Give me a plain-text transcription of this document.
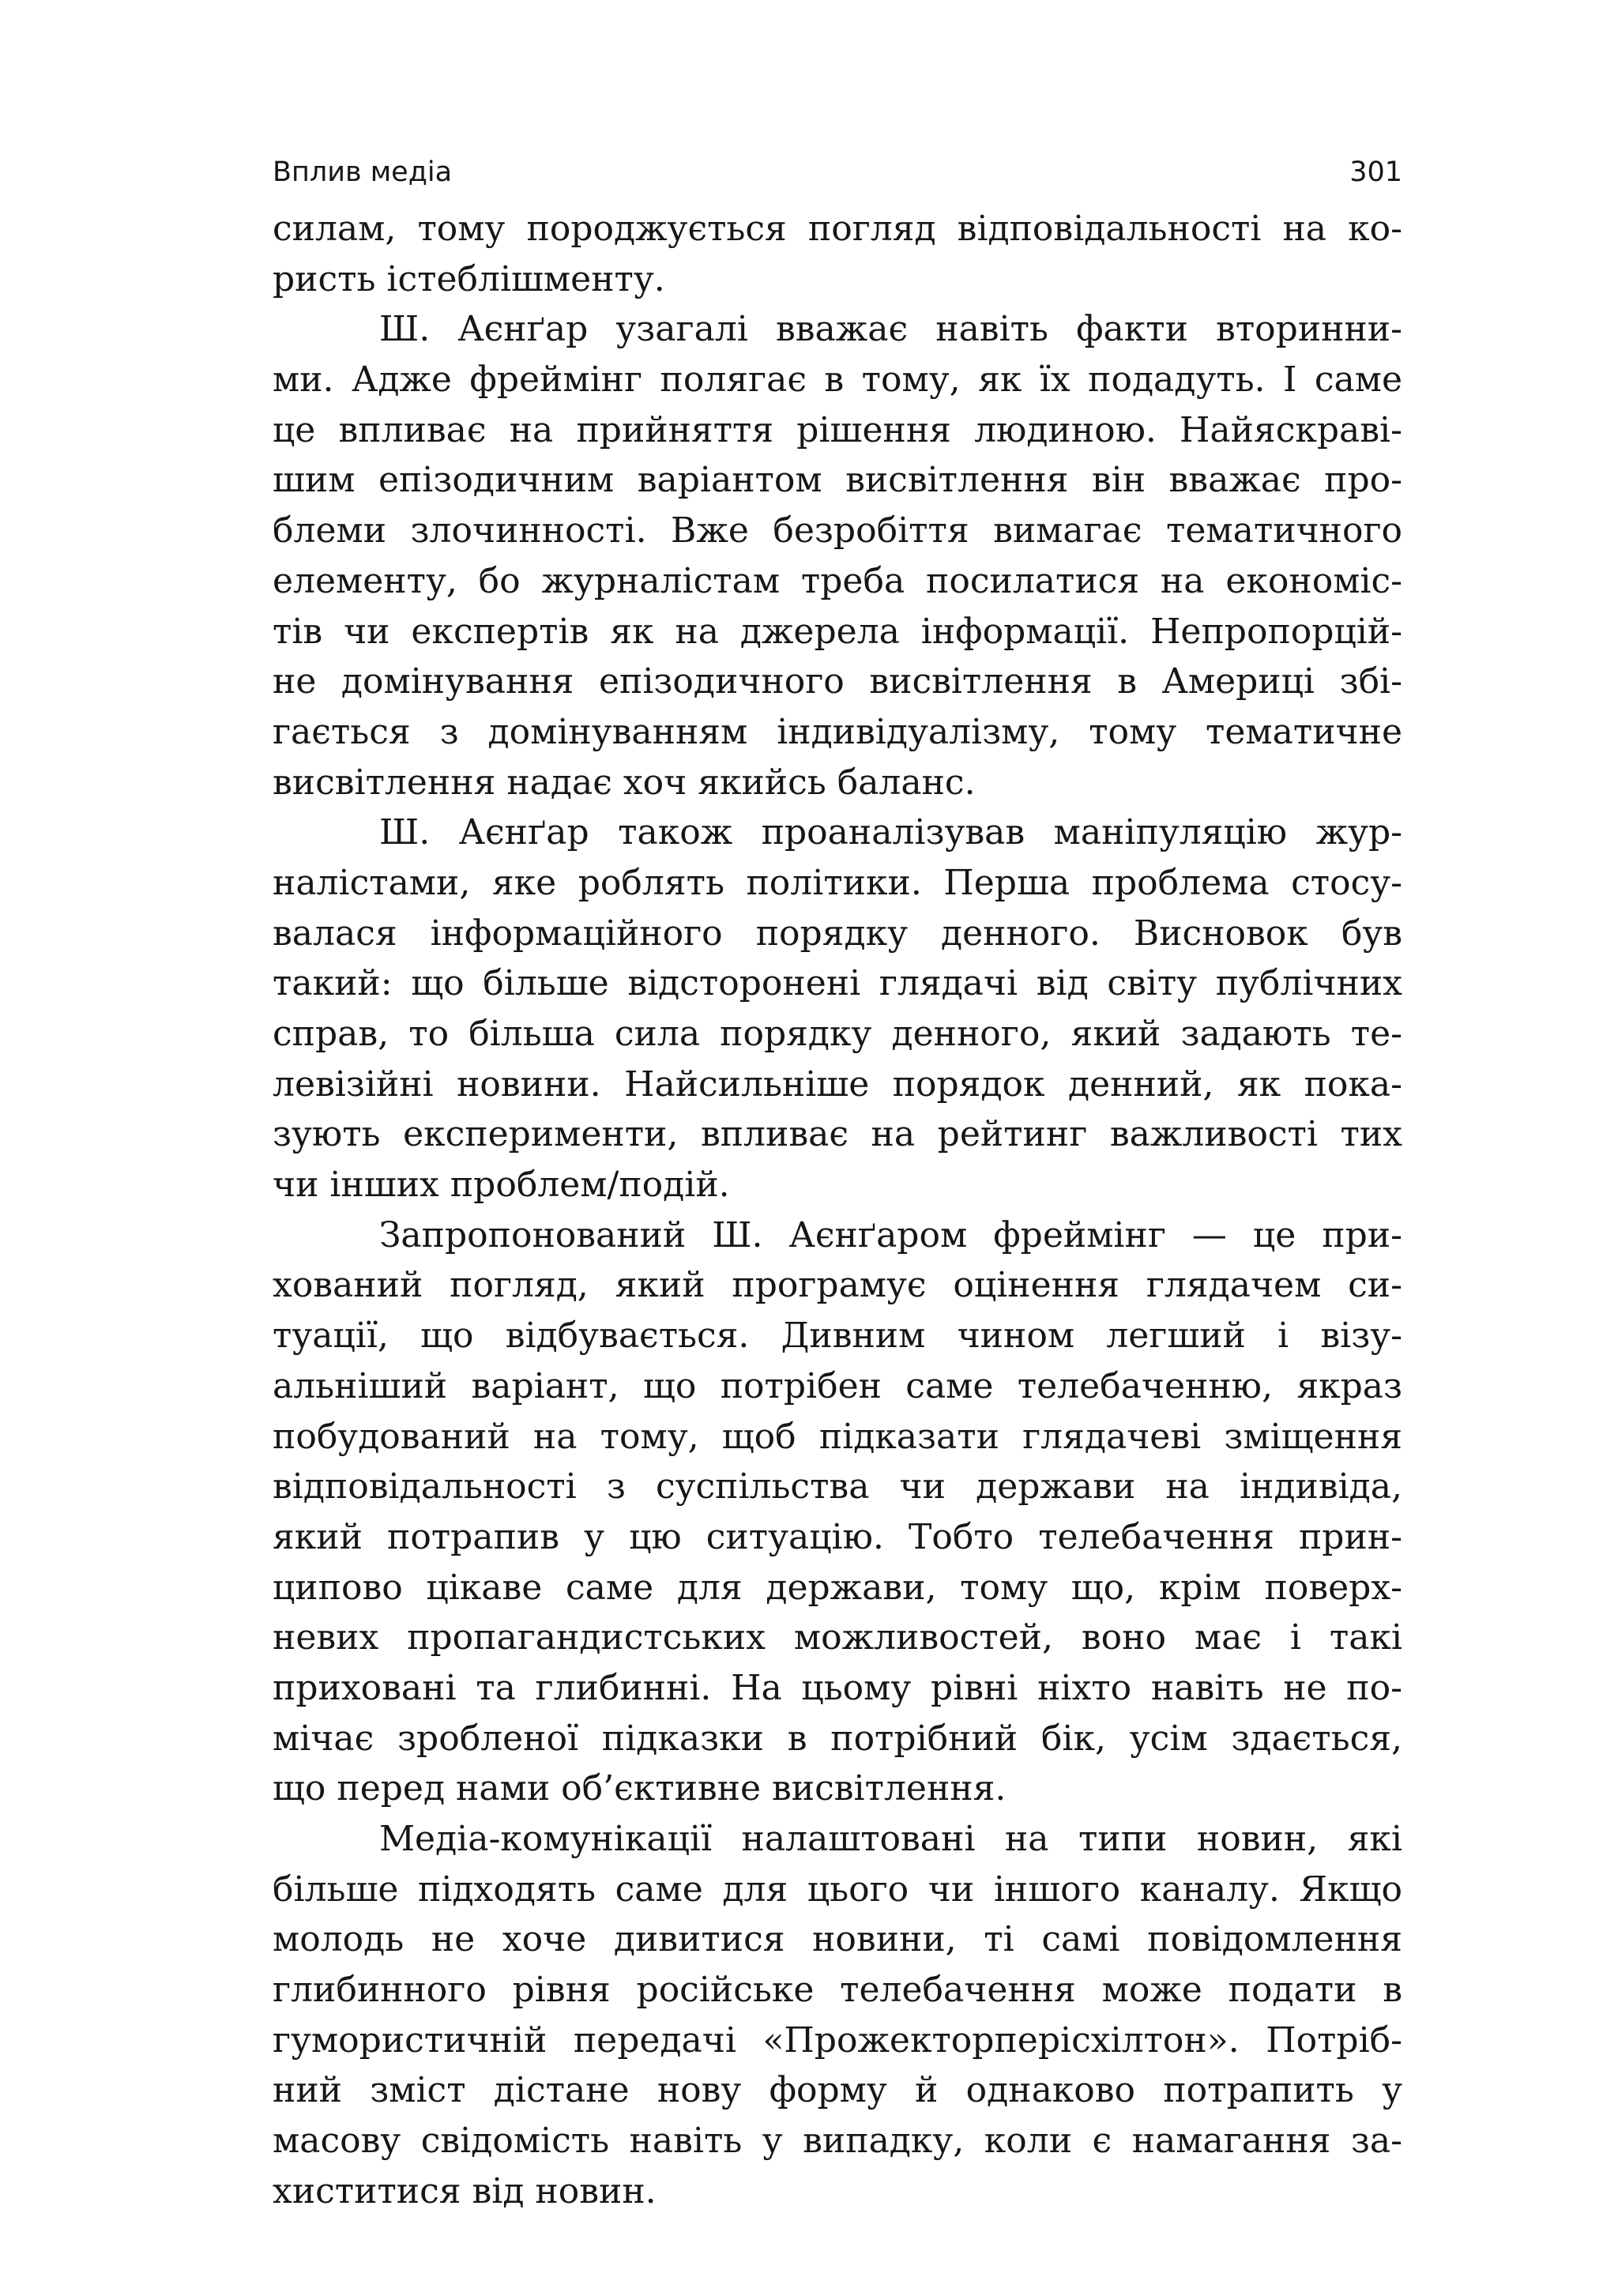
Вплив медіа	301
силам, тому породжується погляд відповідальності на ко-
ристь істеблішменту.
Ш. Аєнґар узагалі вважає навіть факти вторинни-
ми. Адже фреймінг полягає в тому, як їх подадуть. І саме
це впливає на прийняття рішення людиною. Найяскраві-
шим епізодичним варіантом висвітлення він вважає про-
блеми злочинності. Вже безробіття вимагає тематичного
елементу, бо журналістам треба посилатися на економіс-
тів чи експертів як на джерела інформації. Непропорцій-
не домінування епізодичного висвітлення в Америці збі-
гається з домінуванням індивідуалізму, тому тематичне
висвітлення надає хоч якийсь баланс.
Ш. Аєнґар також проаналізував маніпуляцію жур-
налістами, яке роблять політики. Перша проблема стосу-
валася інформаційного порядку денного. Висновок був
такий: що більше відсторонені глядачі від світу публічних
справ, то більша сила порядку денного, який задають те-
левізійні новини. Найсильніше порядок денний, як пока-
зують експерименти, впливає на рейтинг важливості тих
чи інших проблем/подій.
Запропонований Ш. Аєнґаром фреймінг — це при-
хований погляд, який програмує оцінення глядачем си-
туації, що відбувається. Дивним чином легший і візу-
альніший варіант, що потрібен саме телебаченню, якраз
побудований на тому, щоб підказати глядачеві зміщення
відповідальності з суспільства чи держави на індивіда,
який потрапив у цю ситуацію. Тобто телебачення прин-
ципово цікаве саме для держави, тому що, крім поверх-
невих пропагандистських можливостей, воно має і такі
приховані та глибинні. На цьому рівні ніхто навіть не по-
мічає зробленої підказки в потрібний бік, усім здається,
що перед нами об’єктивне висвітлення.
Медіа-комунікації налаштовані на типи новин, які
більше підходять саме для цього чи іншого каналу. Якщо
молодь не хоче дивитися новини, ті самі повідомлення
глибинного рівня російське телебачення може подати в
гумористичній передачі «Прожекторперісхілтон». Потріб-
ний зміст дістане нову форму й однаково потрапить у
масову свідомість навіть у випадку, коли є намагання за-
хиститися від новин.
